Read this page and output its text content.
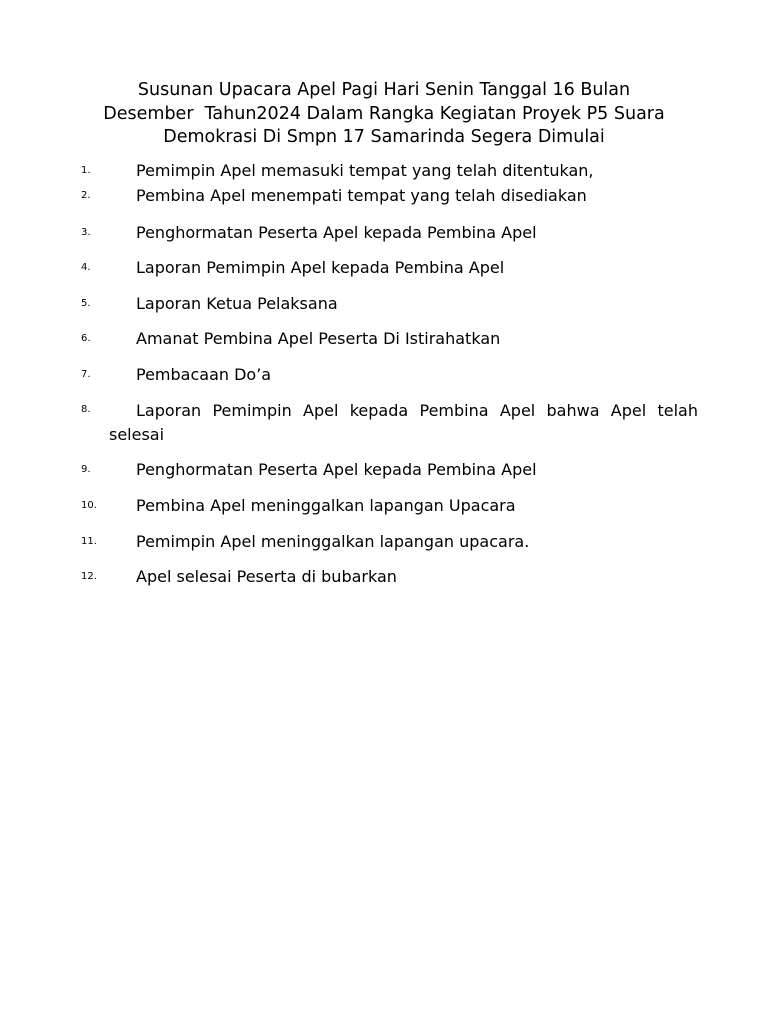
Susunan Upacara Apel Pagi Hari Senin Tanggal 16 Bulan
Desember  Tahun2024 Dalam Rangka Kegiatan Proyek P5 Suara
Demokrasi Di Smpn 17 Samarinda Segera Dimulai
1.	Pemimpin Apel memasuki tempat yang telah ditentukan,
2.	Pembina Apel menempati tempat yang telah disediakan
3.	Penghormatan Peserta Apel kepada Pembina Apel
4.	Laporan Pemimpin Apel kepada Pembina Apel
5.	Laporan Ketua Pelaksana
6.	Amanat Pembina Apel Peserta Di Istirahatkan
7.	Pembacaan Do’a
8.	Laporan Pemimpin Apel kepada Pembina Apel bahwa Apel telah selesai
9.	Penghormatan Peserta Apel kepada Pembina Apel
10. Pembina Apel meninggalkan lapangan Upacara
11. Pemimpin Apel meninggalkan lapangan upacara.
12. Apel selesai Peserta di bubarkan
